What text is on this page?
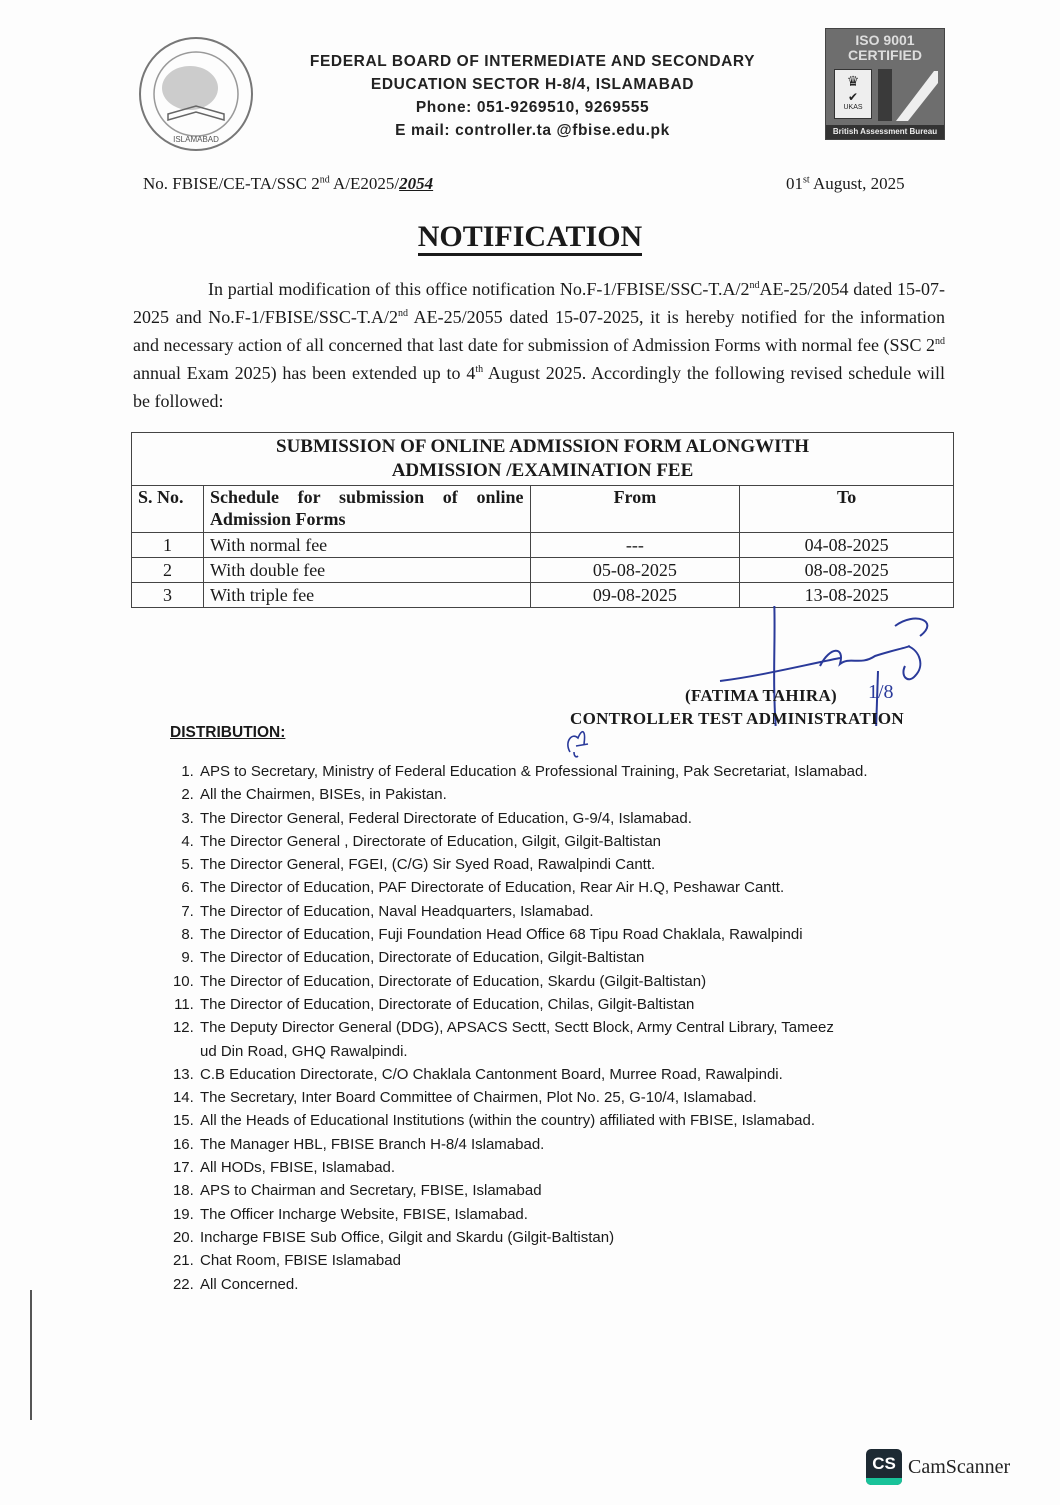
ISLAMABAD
FEDERAL BOARD OF INTERMEDIATE AND SECONDARY
EDUCATION SECTOR H-8/4, ISLAMABAD
Phone: 051-9269510, 9269555
E mail: controller.ta @fbise.edu.pk
ISO 9001
CERTIFIED
♛
✔
UKAS
British Assessment Bureau
No. FBISE/CE-TA/SSC 2nd A/E2025/2054	01st August, 2025
NOTIFICATION

In partial modification of this office notification No.F-1/FBISE/SSC-T.A/2ndAE-25/2054 dated 15-07-2025 and No.F-1/FBISE/SSC-T.A/2nd AE-25/2055 dated 15-07-2025, it is hereby notified for the information and necessary action of all concerned that last date for submission of Admission Forms with normal fee (SSC 2nd annual Exam 2025) has been extended up to 4th August 2025. Accordingly the following revised schedule will be followed:

SUBMISSION OF ONLINE ADMISSION FORM ALONGWITH
ADMISSION /EXAMINATION FEE			

S. No.	Schedule for submission of online Admission Forms	From	To
1	With normal fee	---	04-08-2025
2	With double fee	05-08-2025	08-08-2025
3	With triple fee	09-08-2025	13-08-2025
1/8
(FATIMA TAHIRA)
CONTROLLER TEST ADMINISTRATION
DISTRIBUTION:
1. APS to Secretary, Ministry of Federal Education & Professional Training, Pak Secretariat, Islamabad.
2. All the Chairmen, BISEs, in Pakistan.
3. The Director General, Federal Directorate of Education, G-9/4, Islamabad.
4. The Director General , Directorate of Education, Gilgit, Gilgit-Baltistan
5. The Director General, FGEI, (C/G) Sir Syed Road, Rawalpindi Cantt.
6. The Director of Education, PAF Directorate of Education, Rear Air H.Q, Peshawar Cantt.
7. The Director of Education, Naval Headquarters, Islamabad.
8. The Director of Education, Fuji Foundation Head Office 68 Tipu Road Chaklala, Rawalpindi
9. The Director of Education, Directorate of Education, Gilgit-Baltistan
10. The Director of Education, Directorate of Education, Skardu (Gilgit-Baltistan)
11. The Director of Education, Directorate of Education, Chilas, Gilgit-Baltistan
12. The Deputy Director General (DDG), APSACS Sectt, Sectt Block, Army Central Library, Tameez ud Din Road, GHQ Rawalpindi.
13. C.B Education Directorate, C/O Chaklala Cantonment Board, Murree Road, Rawalpindi.
14. The Secretary, Inter Board Committee of Chairmen, Plot No. 25, G-10/4, Islamabad.
15. All the Heads of Educational Institutions (within the country) affiliated with FBISE, Islamabad.
16. The Manager HBL, FBISE Branch H-8/4 Islamabad.
17. All HODs, FBISE, Islamabad.
18. APS to Chairman and Secretary, FBISE, Islamabad
19. The Officer Incharge Website, FBISE, Islamabad.
20. Incharge FBISE Sub Office, Gilgit and Skardu (Gilgit-Baltistan)
21. Chat Room, FBISE Islamabad
22. All Concerned.
CS CamScanner
